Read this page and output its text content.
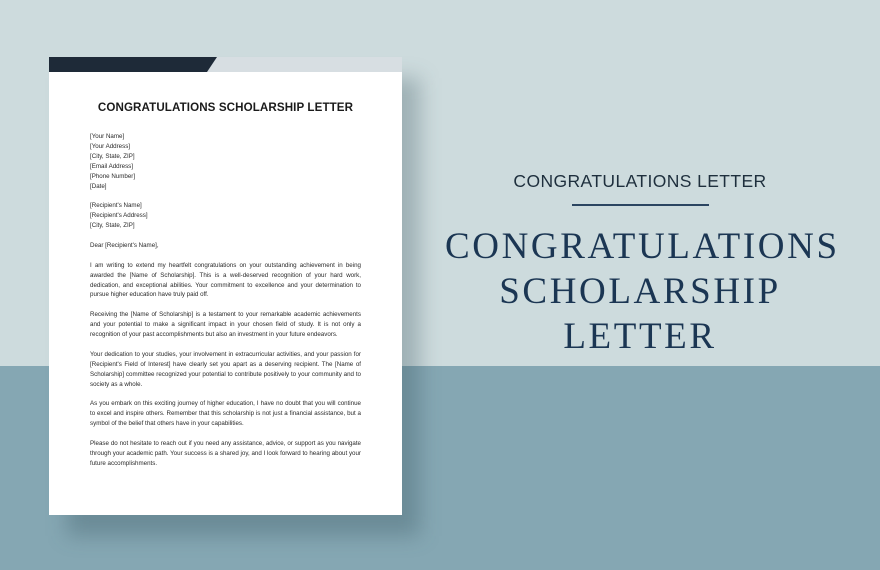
CONGRATULATIONS SCHOLARSHIP LETTER
[Your Name]
[Your Address]
[City, State, ZIP]
[Email Address]
[Phone Number]
[Date]
[Recipient's Name]
[Recipient's Address]
[City, State, ZIP]

Dear [Recipient's Name],

I am writing to extend my heartfelt congratulations on your outstanding achievement in being awarded the [Name of Scholarship]. This is a well-deserved recognition of your hard work, dedication, and exceptional abilities. Your commitment to excellence and your determination to pursue higher education have truly paid off.

Receiving the [Name of Scholarship] is a testament to your remarkable academic achievements and your potential to make a significant impact in your chosen field of study. It is not only a recognition of your past accomplishments but also an investment in your future endeavors.

Your dedication to your studies, your involvement in extracurricular activities, and your passion for [Recipient's Field of Interest] have clearly set you apart as a deserving recipient. The [Name of Scholarship] committee recognized your potential to contribute positively to your community and to society as a whole.

As you embark on this exciting journey of higher education, I have no doubt that you will continue to excel and inspire others. Remember that this scholarship is not just a financial assistance, but a symbol of the belief that others have in your capabilities.

Please do not hesitate to reach out if you need any assistance, advice, or support as you navigate through your academic path. Your success is a shared joy, and I look forward to hearing about your future accomplishments.

CONGRATULATIONS LETTER
CONGRATULATIONS
SCHOLARSHIP
LETTER
